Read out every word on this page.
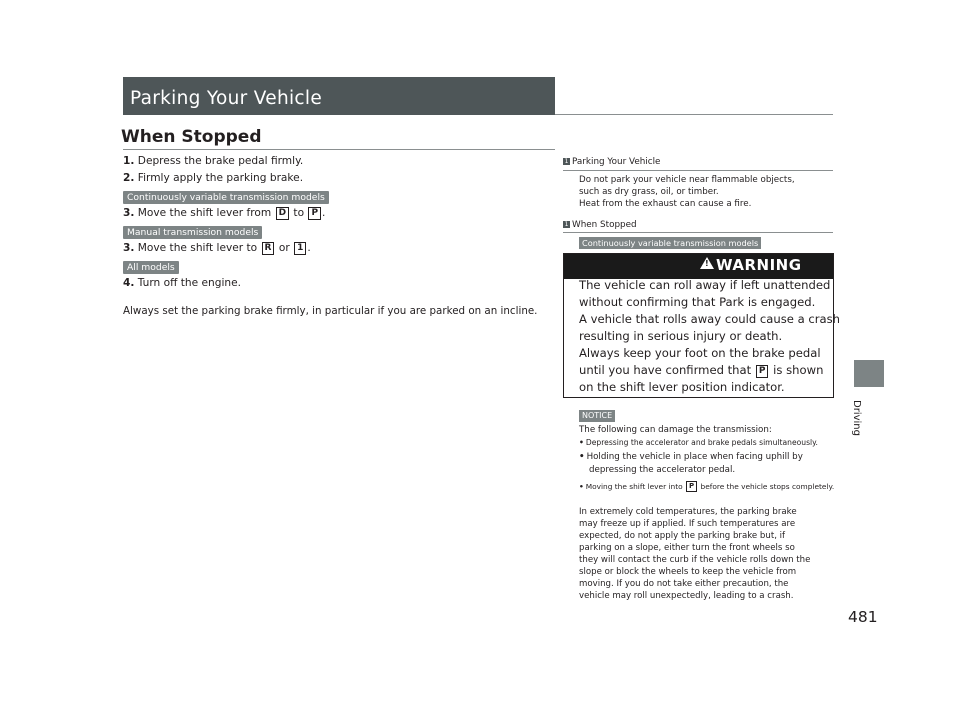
Parking Your Vehicle
When Stopped
Driving
481
1. Depress the brake pedal firmly.
2. Firmly apply the parking brake.
Continuously variable transmission models
3. Move the shift lever from D to P .
Manual transmission models
3. Move the shift lever to R or 1 .
All models
4. Turn off the engine.
Always set the parking brake firmly, in particular if you are parked on an incline.
1 Parking Your Vehicle
Do not park your vehicle near flammable objects,
such as dry grass, oil, or timber.
Heat from the exhaust can cause a fire.
1 When Stopped
Continuously variable transmission models
! WARNING
The vehicle can roll away if left unattended
without confirming that Park is engaged.
A vehicle that rolls away could cause a crash
resulting in serious injury or death.
Always keep your foot on the brake pedal
until you have confirmed that P is shown
on the shift lever position indicator.
NOTICE
The following can damage the transmission:
• Depressing the accelerator and brake pedals simultaneously.
• Holding the vehicle in place when facing uphill by
depressing the accelerator pedal.
• Moving the shift lever into P before the vehicle stops completely.
In extremely cold temperatures, the parking brake
may freeze up if applied. If such temperatures are
expected, do not apply the parking brake but, if
parking on a slope, either turn the front wheels so
they will contact the curb if the vehicle rolls down the
slope or block the wheels to keep the vehicle from
moving. If you do not take either precaution, the
vehicle may roll unexpectedly, leading to a crash.
